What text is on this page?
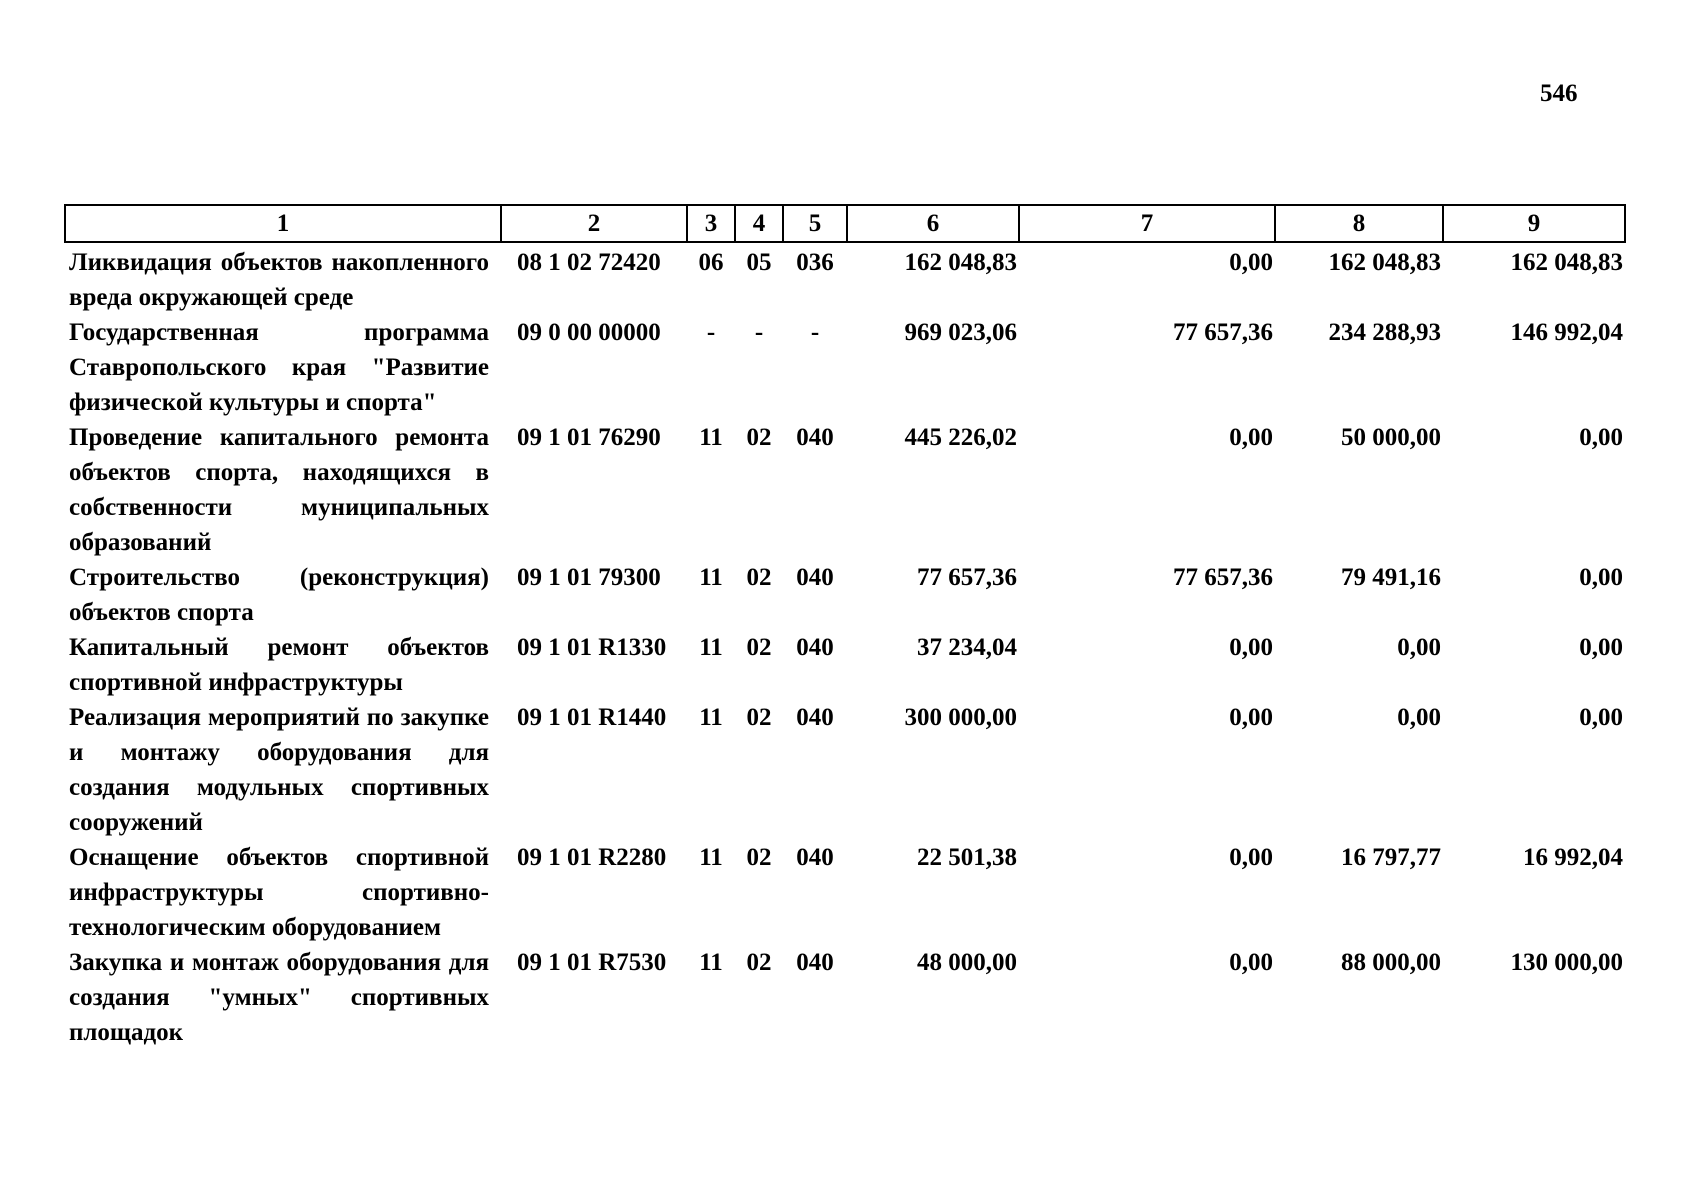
546
1	2	3	4	5	6	7	8	9
Ликвидация объектов накопленного вреда окружающей среде	08 1 02 72420	06	05	036	162 048,83	0,00	162 048,83	162 048,83
Государственная программа Ставропольского края "Развитие физической культуры и спорта"	09 0 00 00000	-	-	-	969 023,06	77 657,36	234 288,93	146 992,04
Проведение капитального ремонта объектов спорта, находящихся в собственности муниципальных образований	09 1 01 76290	11	02	040	445 226,02	0,00	50 000,00	0,00
Строительство (реконструкция) объектов спорта	09 1 01 79300	11	02	040	77 657,36	77 657,36	79 491,16	0,00
Капитальный ремонт объектов спортивной инфраструктуры	09 1 01 R1330	11	02	040	37 234,04	0,00	0,00	0,00
Реализация мероприятий по закупке и монтажу оборудования для создания модульных спортивных сооружений	09 1 01 R1440	11	02	040	300 000,00	0,00	0,00	0,00
Оснащение объектов спортивной инфраструктуры спортивно-технологическим оборудованием	09 1 01 R2280	11	02	040	22 501,38	0,00	16 797,77	16 992,04
Закупка и монтаж оборудования для создания "умных" спортивных площадок	09 1 01 R7530	11	02	040	48 000,00	0,00	88 000,00	130 000,00
